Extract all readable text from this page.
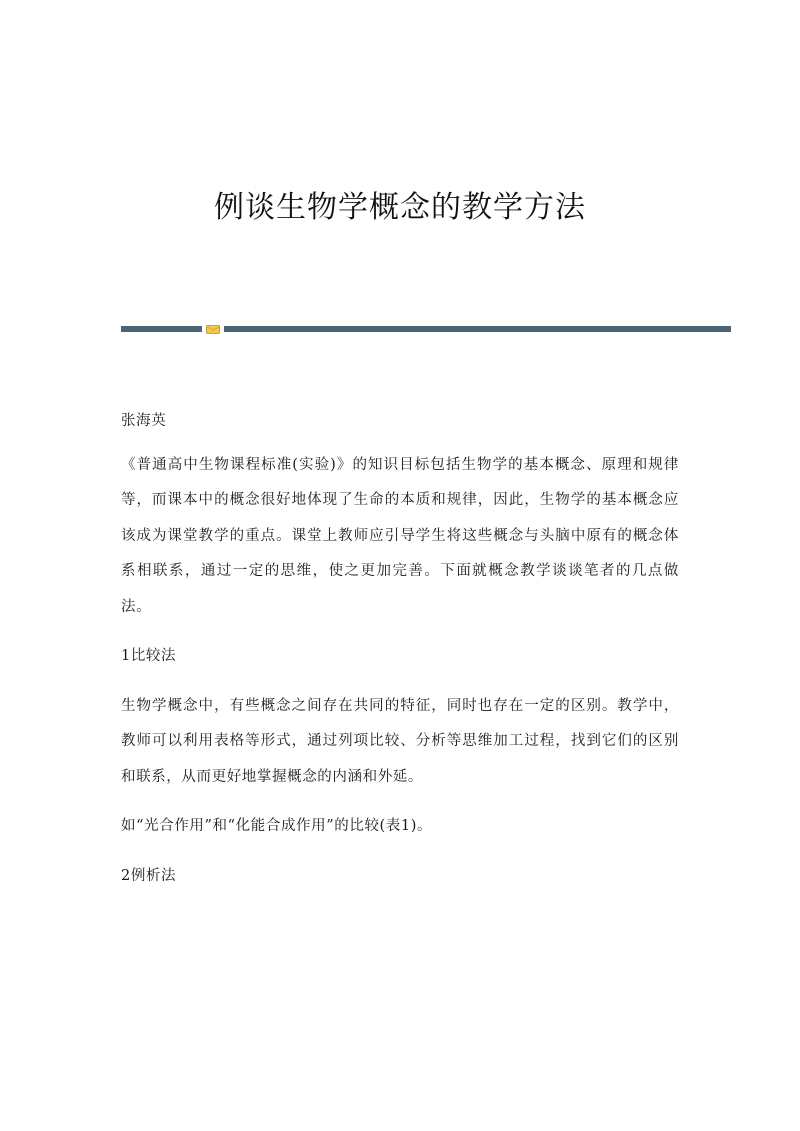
例谈生物学概念的教学方法

张海英

《普通高中生物课程标准(实验)》的知识目标包括生物学的基本概念、原理和规律等，而课本中的概念很好地体现了生命的本质和规律，因此，生物学的基本概念应该成为课堂教学的重点。课堂上教师应引导学生将这些概念与头脑中原有的概念体系相联系，通过一定的思维，使之更加完善。下面就概念教学谈谈笔者的几点做法。

1比较法

生物学概念中，有些概念之间存在共同的特征，同时也存在一定的区别。教学中，教师可以利用表格等形式，通过列项比较、分析等思维加工过程，找到它们的区别和联系，从而更好地掌握概念的内涵和外延。

如“光合作用”和“化能合成作用”的比较(表1)。

2例析法
